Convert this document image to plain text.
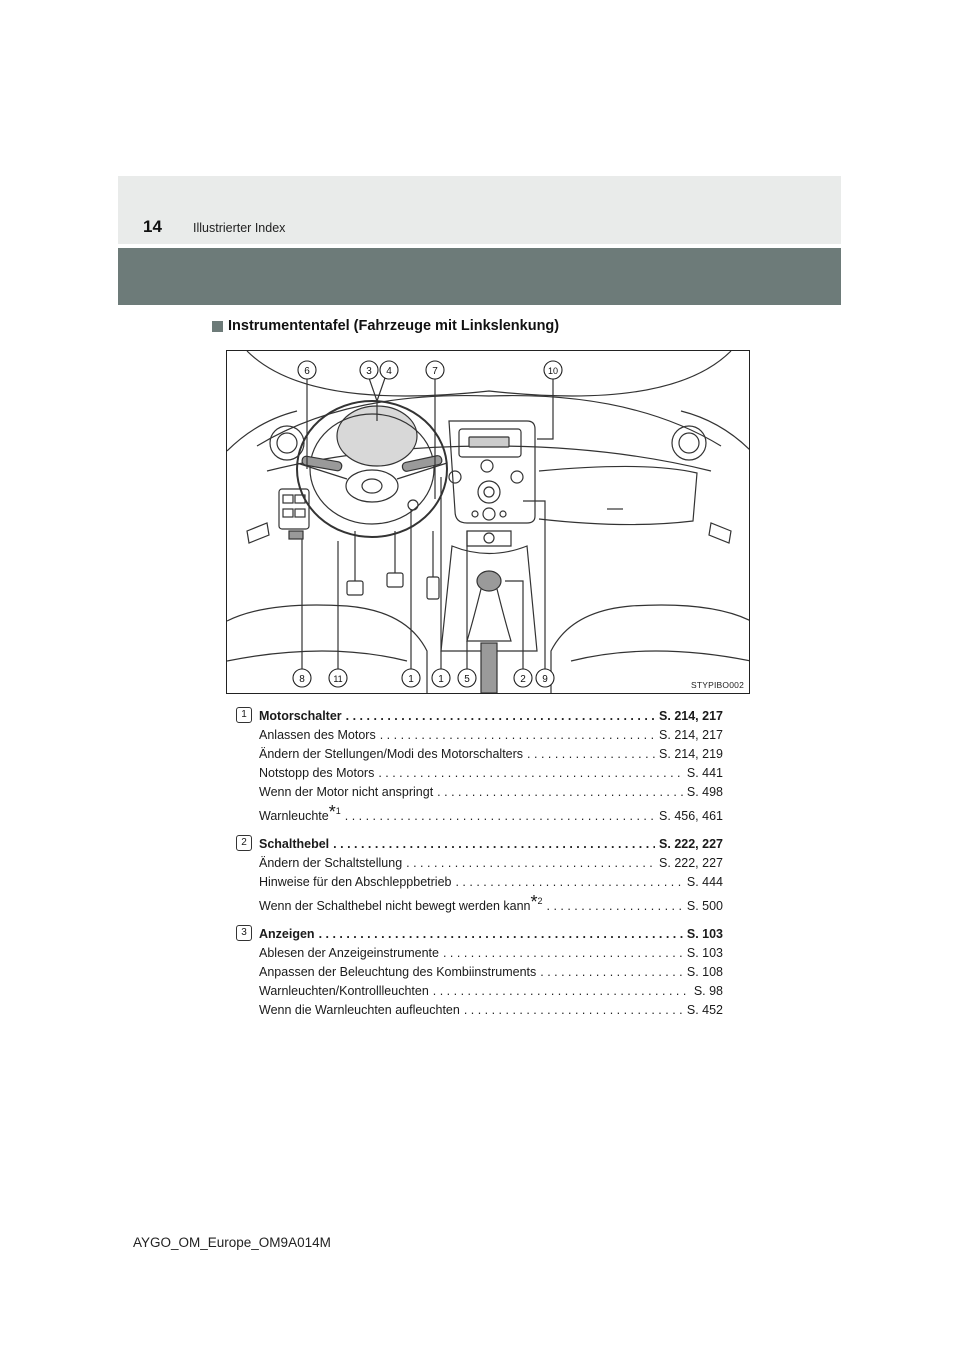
14 Illustrierter Index
Instrumententafel (Fahrzeuge mit Linkslenkung)
6	3 4	7	10
8	11	1 1 5	2 9	STYPIBO002
1 Motorschalter . . .	S. 214, 217
Anlassen des Motors . . .	S. 214, 217
Ändern der Stellungen/Modi des Motorschalters . . .	S. 214, 219
Notstopp des Motors . . .	S. 441
Wenn der Motor nicht anspringt . . .	S. 498
Warnleuchte*$^1$ . . .	S. 456, 461
2 Schalthebel . . .	S. 222, 227
Ändern der Schaltstellung . . .	S. 222, 227
Hinweise für den Abschleppbetrieb . . .	S. 444
Wenn der Schalthebel nicht bewegt werden kann*$^2$ . . .	S. 500
3 Anzeigen . . .	S. 103
Ablesen der Anzeigeinstrumente . . .	S. 103
Anpassen der Beleuchtung des Kombiinstruments . . .	S. 108
Warnleuchten/Kontrollleuchten . . .	S. 98
Wenn die Warnleuchten aufleuchten . . .	S. 452
AYGO_OM_Europe_OM9A014M
